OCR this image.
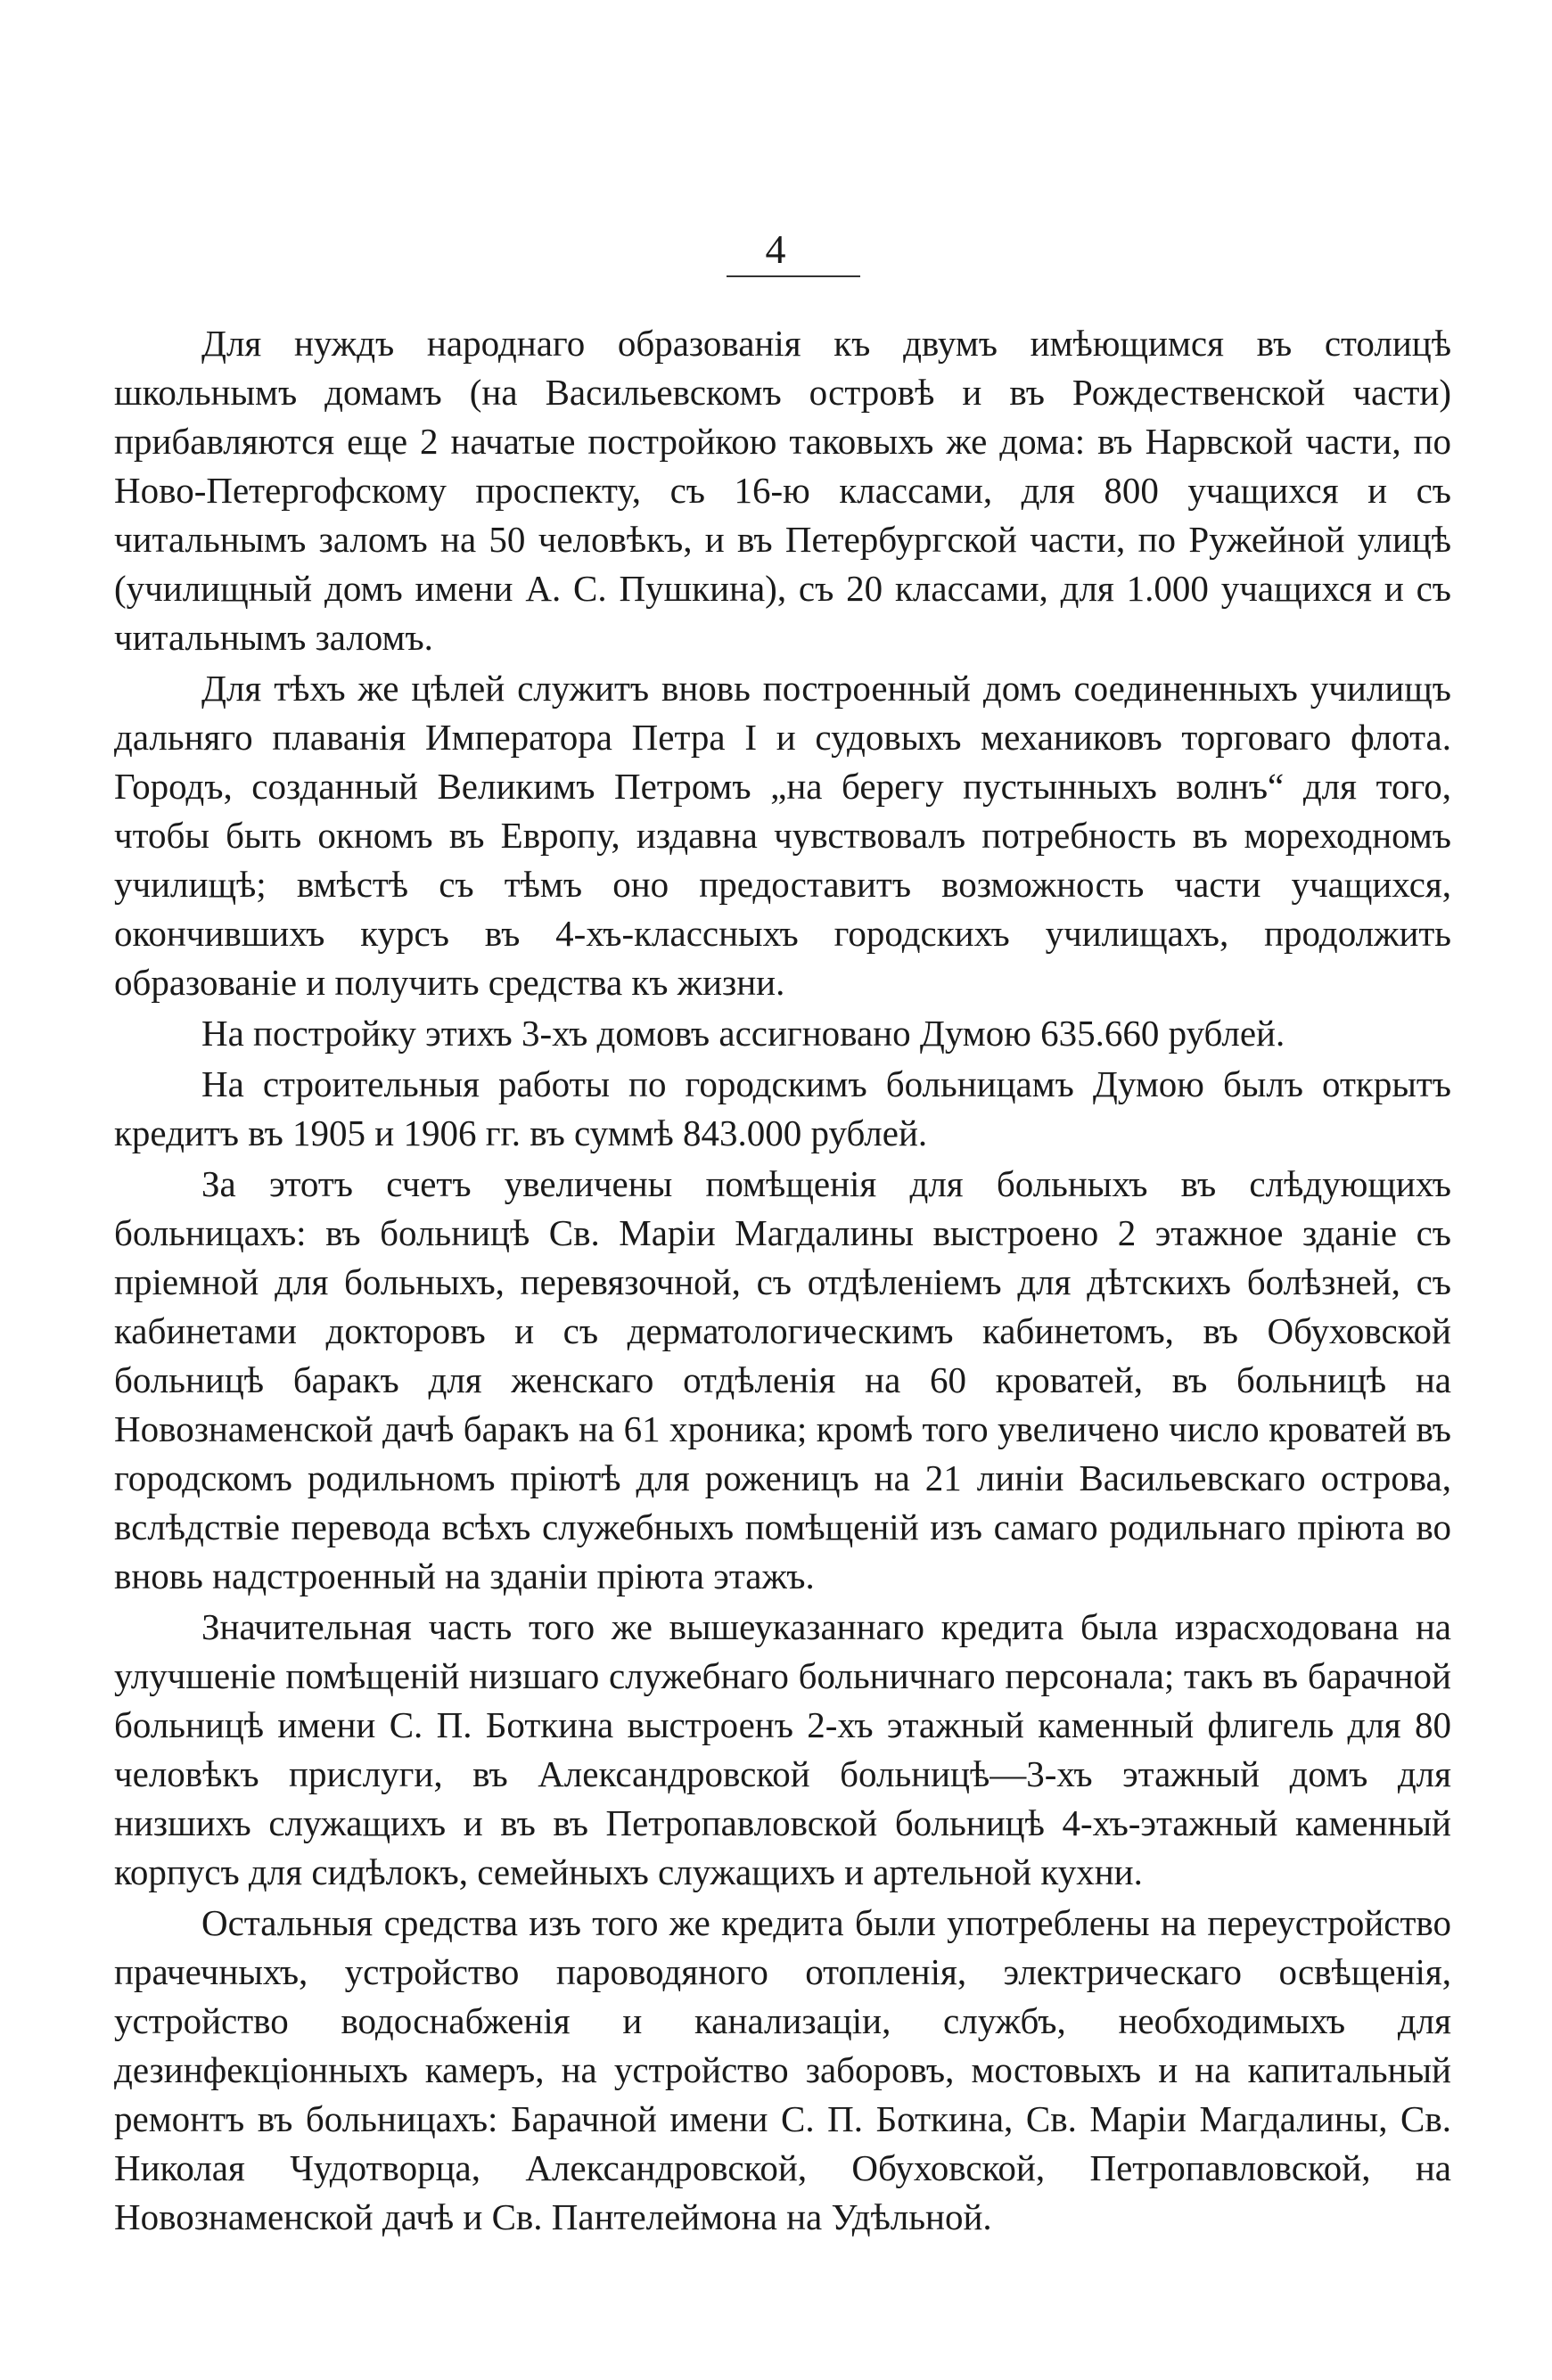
4

Для нуждъ народнаго образованія къ двумъ имѣющимся въ столицѣ школьнымъ домамъ (на Васильевскомъ островѣ и въ Рождественской части) прибавляются еще 2 начатые постройкою таковыхъ же дома: въ Нарвской части, по Ново-Петергофскому проспекту, съ 16-ю классами, для 800 учащихся и съ читальнымъ заломъ на 50 человѣкъ, и въ Петербургской части, по Ружейной улицѣ (училищный домъ имени А. С. Пушкина), съ 20 классами, для 1.000 учащихся и съ читальнымъ заломъ.

Для тѣхъ же цѣлей служитъ вновь построенный домъ соединенныхъ училищъ дальняго плаванія Императора Петра I и судовыхъ механиковъ торговаго флота. Городъ, созданный Великимъ Петромъ „на берегу пустынныхъ волнъ“ для того, чтобы быть окномъ въ Европу, издавна чувствовалъ потребность въ мореходномъ училищѣ; вмѣстѣ съ тѣмъ оно предоставитъ возможность части учащихся, окончившихъ курсъ въ 4-хъ-классныхъ городскихъ училищахъ, продолжить образованіе и получить средства къ жизни.

На постройку этихъ 3-хъ домовъ ассигновано Думою 635.660 рублей.

На строительныя работы по городскимъ больницамъ Думою былъ открытъ кредитъ въ 1905 и 1906 гг. въ суммѣ 843.000 рублей.

За этотъ счетъ увеличены помѣщенія для больныхъ въ слѣдующихъ больницахъ: въ больницѣ Св. Маріи Магдалины выстроено 2 этажное зданіе съ пріемной для больныхъ, перевязочной, съ отдѣленіемъ для дѣтскихъ болѣзней, съ кабинетами докторовъ и съ дерматологическимъ кабинетомъ, въ Обуховской больницѣ баракъ для женскаго отдѣленія на 60 кроватей, въ больницѣ на Новознаменской дачѣ баракъ на 61 хроника; кромѣ того увеличено число кроватей въ городскомъ родильномъ пріютѣ для роженицъ на 21 линіи Васильевскаго острова, вслѣдствіе перевода всѣхъ служебныхъ помѣщеній изъ самаго родильнаго пріюта во вновь надстроенный на зданіи пріюта этажъ.

Значительная часть того же вышеуказаннаго кредита была израсходована на улучшеніе помѣщеній низшаго служебнаго больничнаго персонала; такъ въ барачной больницѣ имени С. П. Боткина выстроенъ 2-хъ этажный каменный флигель для 80 человѣкъ прислуги, въ Александровской больницѣ—3-хъ этажный домъ для низшихъ служащихъ и въ въ Петропавловской больницѣ 4-хъ-этажный каменный корпусъ для сидѣлокъ, семейныхъ служащихъ и артельной кухни.

Остальныя средства изъ того же кредита были употреблены на переустройство прачечныхъ, устройство пароводяного отопленія, электрическаго освѣщенія, устройство водоснабженія и канализаціи, службъ, необходимыхъ для дезинфекціонныхъ камеръ, на устройство заборовъ, мостовыхъ и на капитальный ремонтъ въ больницахъ: Барачной имени С. П. Боткина, Св. Маріи Магдалины, Св. Николая Чудотворца, Александровской, Обуховской, Петропавловской, на Новознаменской дачѣ и Св. Пантелеймона на Удѣльной.
